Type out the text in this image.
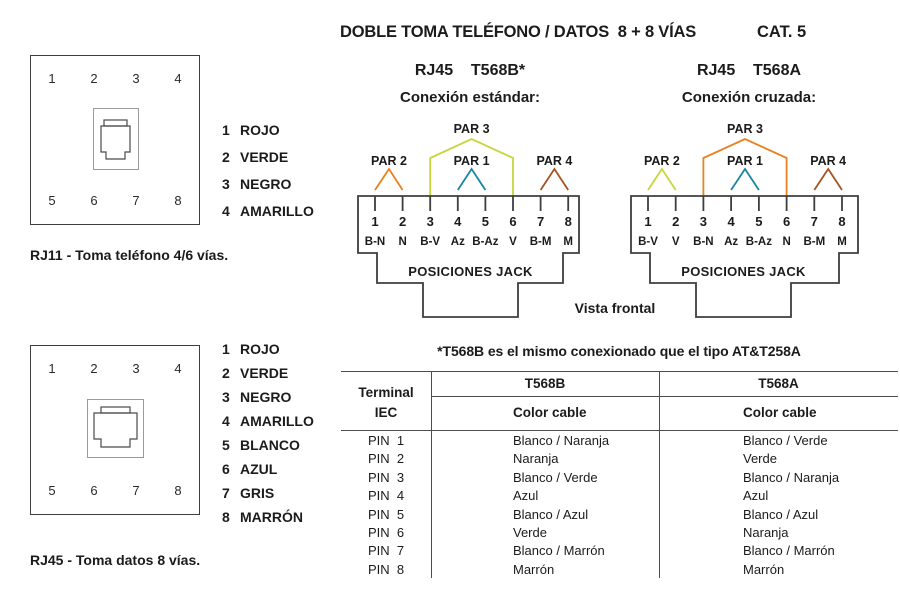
DOBLE TOMA TELÉFONO / DATOS  8 + 8 VÍAS	CAT. 5
1	2	3	4
5	6	7	8
RJ11 - Toma teléfono 4/6 vías.
1 ROJO
2 VERDE
3 NEGRO
4 AMARILLO
1	2	3	4
5	6	7	8
RJ45 - Toma datos 8 vías.
1 ROJO
2 VERDE
3 NEGRO
4 AMARILLO
5 BLANCO
6 AZUL
7 GRIS
8 MARRÓN
RJ45    T568B*
Conexión estándar:
RJ45    T568A
Conexión cruzada:
PAR 3
PAR 2	PAR 1	PAR 4
1 2 3 4 5 6 7 8
B-N N B-V Az B-Az V B-M M
POSICIONES JACK
PAR 3
PAR 2	PAR 1	PAR 4
1 2 3 4 5 6 7 8
B-V V B-N Az B-Az N B-M M
POSICIONES JACK
Vista frontal
*T568B es el mismo conexionado que el tipo AT&T258A
Terminal
IEC
T568B	T568A
Color cable	Color cable
PIN  1	Blanco / Naranja	Blanco / Verde
PIN  2	Naranja	Verde
PIN  3	Blanco / Verde	Blanco / Naranja
PIN  4	Azul	Azul
PIN  5	Blanco / Azul	Blanco / Azul
PIN  6	Verde	Naranja
PIN  7	Blanco / Marrón	Blanco / Marrón
PIN  8	Marrón	Marrón
